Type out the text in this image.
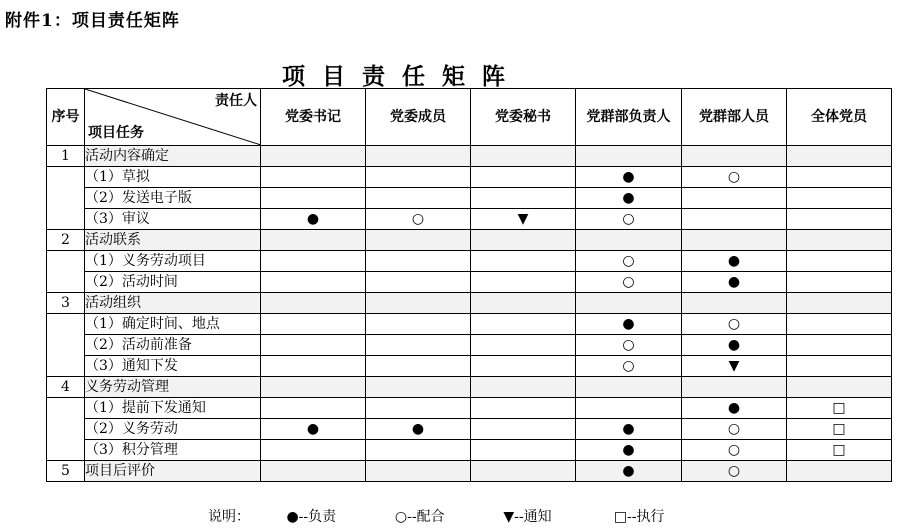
附件1：项目责任矩阵
项目责任矩阵
序号	责任人
项目任务	党委书记	党委成员	党委秘书	党群部负责人	党群部人员	全体党员
1	活动内容确定						
	（1）草拟				●	○	
	（2）发送电子版				●		
	（3）审议	●	○	▼	○		
2	活动联系						
	（1）义务劳动项目				○	●	
	（2）活动时间				○	●	
3	活动组织						
	（1）确定时间、地点				●	○	
	（2）活动前准备				○	●	
	（3）通知下发				○	▼	
4	义务劳动管理						
	（1）提前下发通知					●	□
	（2）义务劳动	●	●		●	○	□
	（3）积分管理				●	○	□
5	项目后评价				●	○	
说明：	●--负责	○--配合	▼--通知	□--执行
